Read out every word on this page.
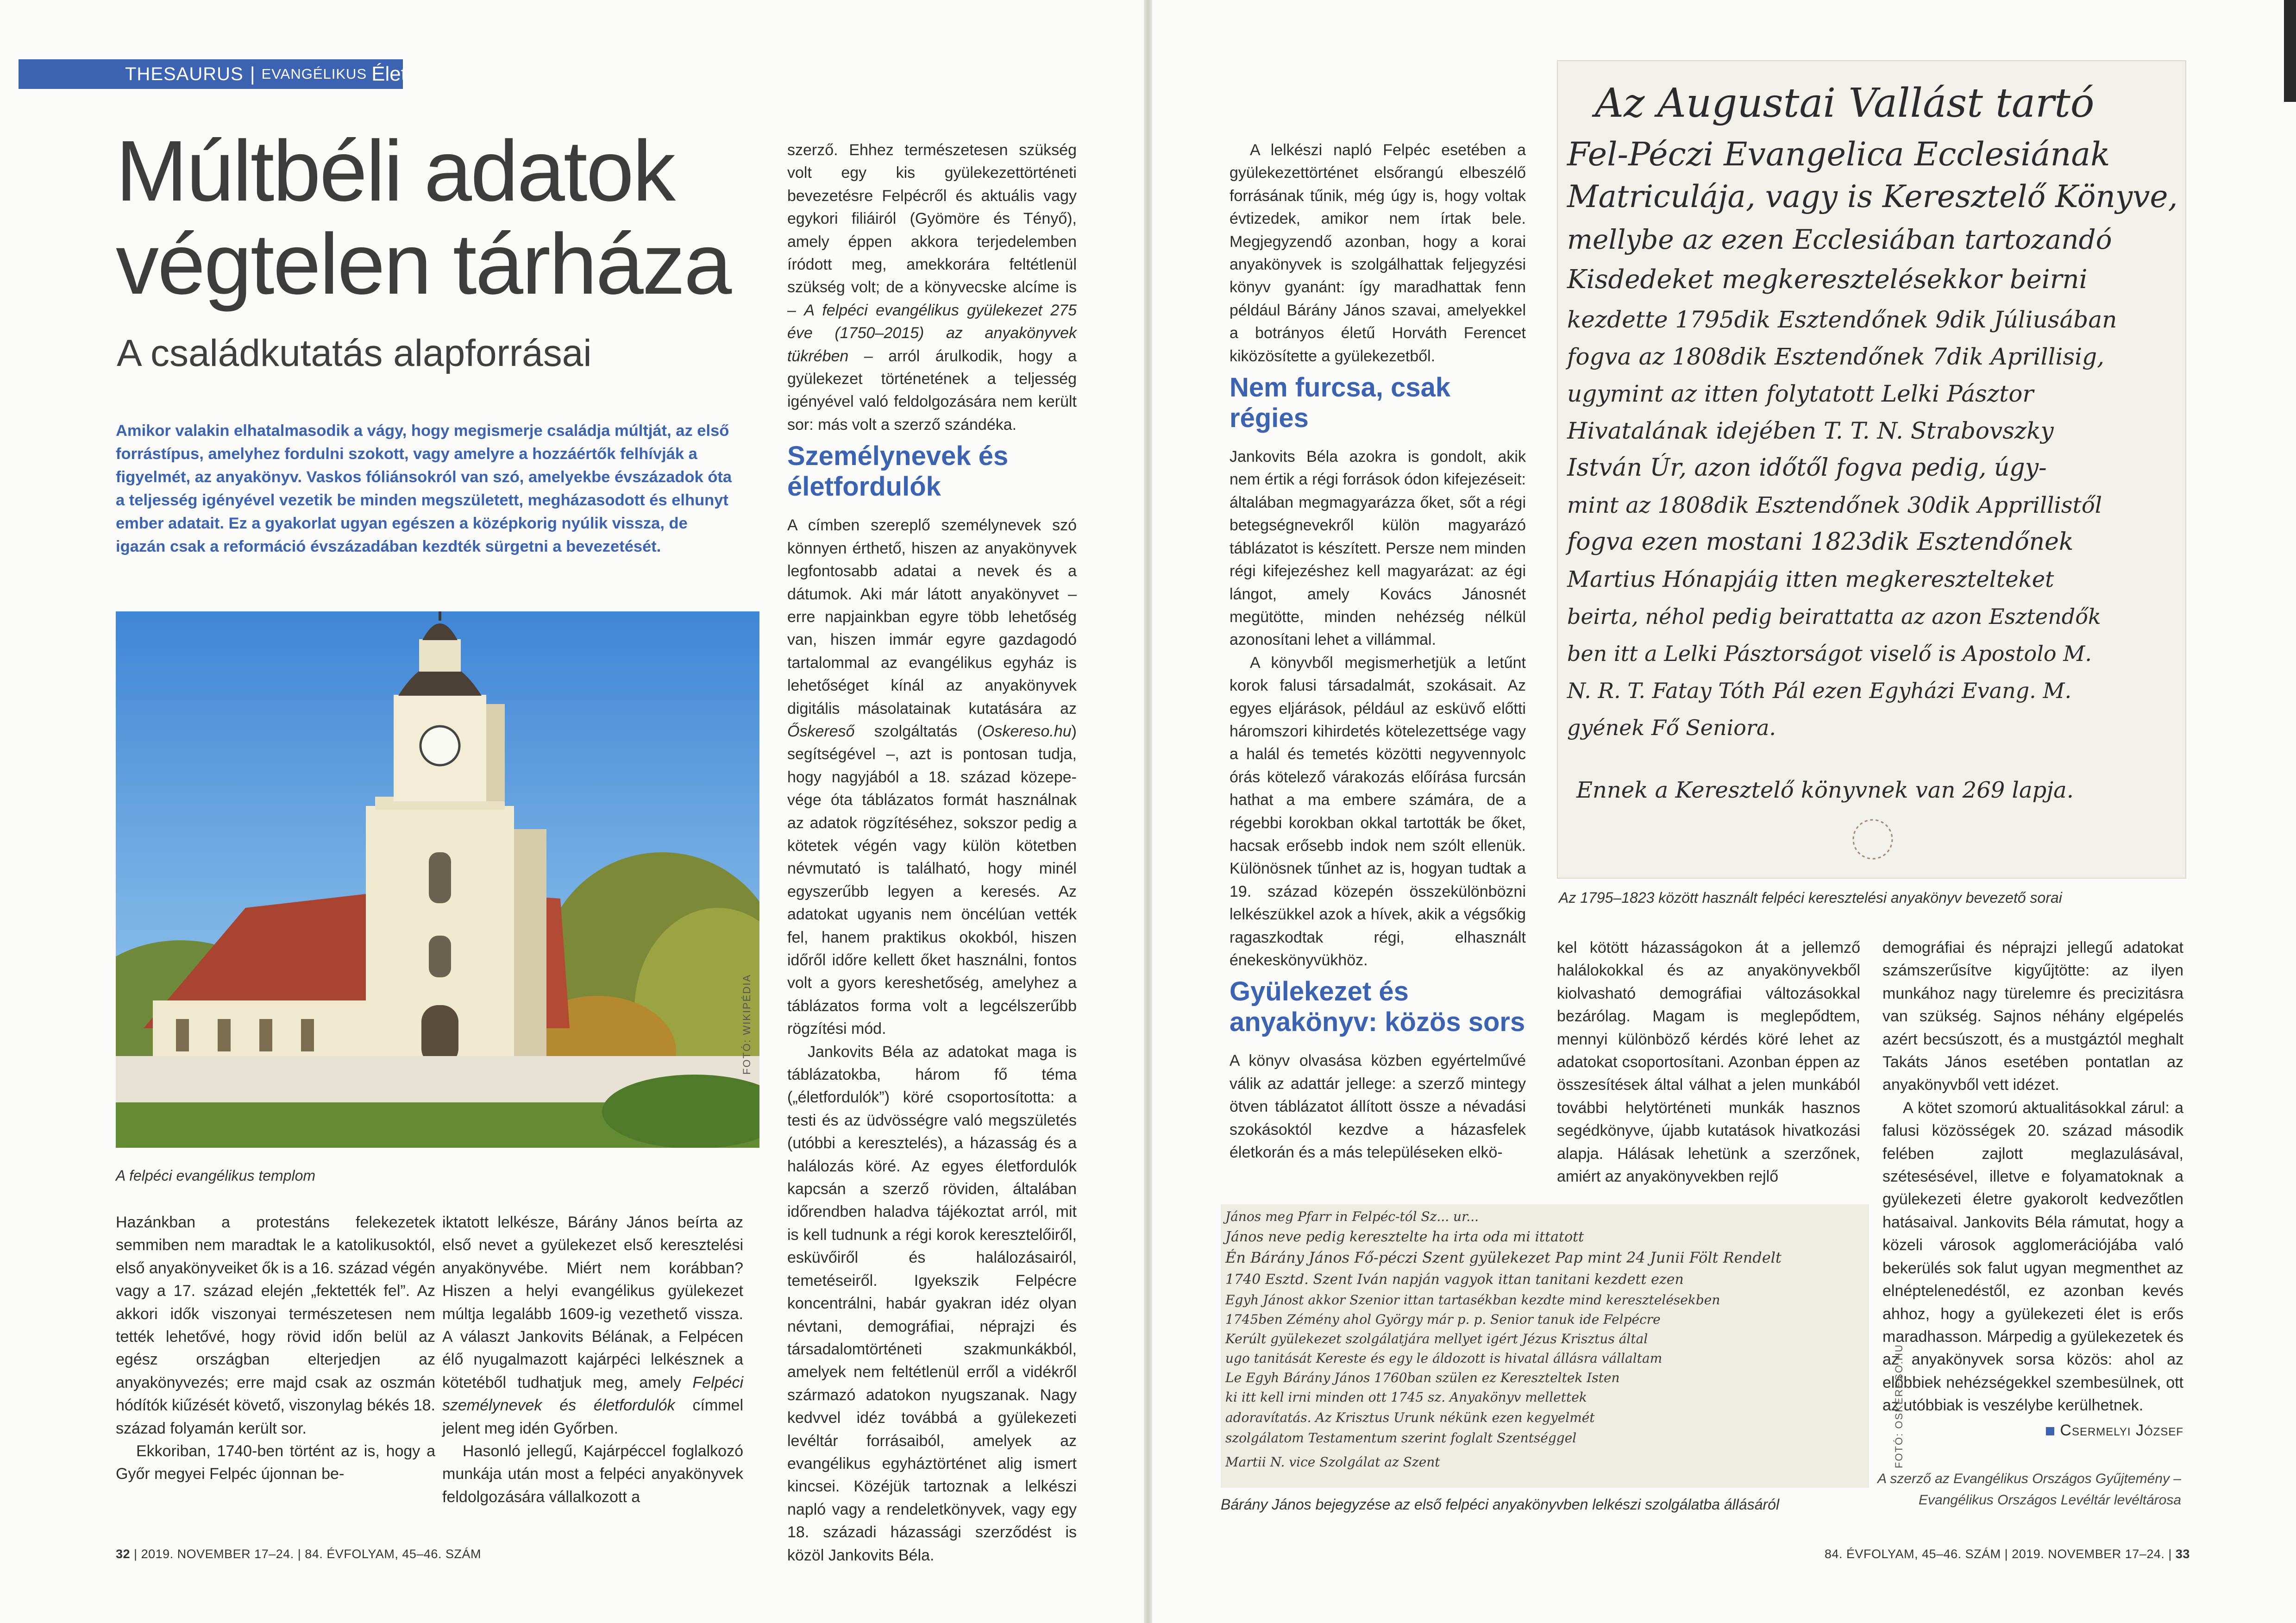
THESAURUS | EVANGÉLIKUS Élet
Múltbéli adatok
végtelen tárháza
A családkutatás alapforrásai

Amikor valakin elhatalmasodik a vágy, hogy megismerje családja múltját, az első forrástípus, amelyhez fordulni szokott, vagy amelyre a hozzáértők felhívják a figyelmét, az anyakönyv. Vaskos fóliánsokról van szó, amelyekbe évszázadok óta a teljesség igényével vezetik be minden megszületett, megházasodott és elhunyt ember adatait. Ez a gyakorlat ugyan egészen a középkorig nyúlik vissza, de igazán csak a reformáció évszázadában kezdték sürgetni a bevezetését.

FOTÓ: WIKIPÉDIA

A felpéci evangélikus templom

Hazánkban a protestáns felekezetek semmiben nem maradtak le a katolikusoktól, első anyakönyveiket ők is a 16. század végén vagy a 17. század elején „fektették fel”. Az akkori idők viszonyai természetesen nem tették lehetővé, hogy rövid időn belül az egész országban elterjedjen az anyakönyvezés; erre majd csak az oszmán hódítók kiűzését követő, viszonylag békés 18. század folyamán került sor.

Ekkoriban, 1740-ben történt az is, hogy a Győr megyei Felpéc újonnan be-

iktatott lelkésze, Bárány János beírta az első nevet a gyülekezet első keresztelési anyakönyvébe. Miért nem korábban? Hiszen a helyi evangélikus gyülekezet múltja legalább 1609-ig vezethető vissza. A választ Jankovits Bélának, a Felpécen élő nyugalmazott kajárpéci lelkésznek a kötetéből tudhatjuk meg, amely Felpéci személynevek és életfordulók címmel jelent meg idén Győrben.

Hasonló jellegű, Kajárpéccel foglalkozó munkája után most a felpéci anyakönyvek feldolgozására vállalkozott a

szerző. Ehhez természetesen szükség volt egy kis gyülekezettörténeti bevezetésre Felpécről és aktuális vagy egykori filiáiról (Gyömöre és Tényő), amely éppen akkora terjedelemben íródott meg, amekkorára feltétlenül szükség volt; de a könyvecske alcíme is – A felpéci evangélikus gyülekezet 275 éve (1750–2015) az anyakönyvek tükrében – arról árulkodik, hogy a gyülekezet történetének a teljesség igényével való feldolgozására nem került sor: más volt a szerző szándéka.

Személynevek és életfordulók

A címben szereplő személynevek szó könnyen érthető, hiszen az anyakönyvek legfontosabb adatai a nevek és a dátumok. Aki már látott anyakönyvet – erre napjainkban egyre több lehetőség van, hiszen immár egyre gazdagodó tartalommal az evangélikus egyház is lehetőséget kínál az anyakönyvek digitális másolatainak kutatására az Őskereső szolgáltatás (Oskereso.hu) segítségével –, azt is pontosan tudja, hogy nagyjából a 18. század közepe-vége óta táblázatos formát használnak az adatok rögzítéséhez, sokszor pedig a kötetek végén vagy külön kötetben névmutató is található, hogy minél egyszerűbb legyen a keresés. Az adatokat ugyanis nem öncélúan vették fel, hanem praktikus okokból, hiszen időről időre kellett őket használni, fontos volt a gyors kereshetőség, amelyhez a táblázatos forma volt a legcélszerűbb rögzítési mód.

Jankovits Béla az adatokat maga is táblázatokba, három fő téma („életfordulók”) köré csoportosította: a testi és az üdvösségre való megszületés (utóbbi a keresztelés), a házasság és a halálozás köré. Az egyes életfordulók kapcsán a szerző röviden, általában időrendben haladva tájékoztat arról, mit is kell tudnunk a régi korok keresztelőiről, esküvőiről és halálozásairól, temetéseiről. Igyekszik Felpécre koncentrálni, habár gyakran idéz olyan névtani, demográfiai, néprajzi és társadalomtörténeti szakmunkákból, amelyek nem feltétlenül erről a vidékről származó adatokon nyugszanak. Nagy kedvvel idéz továbbá a gyülekezeti levéltár forrásaiból, amelyek az evangélikus egyháztörténet alig ismert kincsei. Közéjük tartoznak a lelkészi napló vagy a rendeletkönyvek, vagy egy 18. századi házassági szerződést is közöl Jankovits Béla.

32 | 2019. NOVEMBER 17–24. | 84. ÉVFOLYAM, 45–46. SZÁM

A lelkészi napló Felpéc esetében a gyülekezettörténet elsőrangú elbeszélő forrásának tűnik, még úgy is, hogy voltak évtizedek, amikor nem írtak bele. Megjegyzendő azonban, hogy a korai anyakönyvek is szolgálhattak feljegyzési könyv gyanánt: így maradhattak fenn például Bárány János szavai, amelyekkel a botrányos életű Horváth Ferencet kiközösítette a gyülekezetből.

Nem furcsa, csak régies

Jankovits Béla azokra is gondolt, akik nem értik a régi források ódon kifejezéseit: általában megmagyarázza őket, sőt a régi betegségnevekről külön magyarázó táblázatot is készített. Persze nem minden régi kifejezéshez kell magyarázat: az égi lángot, amely Kovács Jánosnét megütötte, minden nehézség nélkül azonosítani lehet a villámmal.

A könyvből megismerhetjük a letűnt korok falusi társadalmát, szokásait. Az egyes eljárások, például az esküvő előtti háromszori kihirdetés kötelezettsége vagy a halál és temetés közötti negyvennyolc órás kötelező várakozás előírása furcsán hathat a ma embere számára, de a régebbi korokban okkal tartották be őket, hacsak erősebb indok nem szólt ellenük. Különösnek tűnhet az is, hogyan tudtak a 19. század közepén összekülönbözni lelkészükkel azok a hívek, akik a végsőkig ragaszkodtak régi, elhasznált énekeskönyvükhöz.

Gyülekezet és anyakönyv: közös sors

A könyv olvasása közben egyértelművé válik az adattár jellege: a szerző mintegy ötven táblázatot állított össze a névadási szokásoktól kezdve a házasfelek életkorán és a más településeken elkö-

Az Augustai Vallást tartó
Fel-Péczi Evangelica Ecclesiának
Matriculája, vagy is Keresztelő Könyve,
mellybe az ezen Ecclesiában tartozandó
Kisdedeket megkeresztelésekkor beirni
kezdette 1795dik Esztendőnek 9dik Júliusában
fogva az 1808dik Esztendőnek 7dik Aprillisig,
ugymint az itten folytatott Lelki Pásztor
Hivatalának idejében T. T. N. Strabovszky
István Úr, azon időtől fogva pedig, úgy-
mint az 1808dik Esztendőnek 30dik Apprillistől
fogva ezen mostani 1823dik Esztendőnek
Martius Hónapjáig itten megkeresztelteket
beirta, néhol pedig beirattatta az azon Esztendők
ben itt a Lelki Pásztorságot viselő is Apostolo M.
N. R. T. Fatay Tóth Pál ezen Egyházi Evang. M.
gyének Fő Seniora.
Ennek a Keresztelő könyvnek van 269 lapja.

Az 1795–1823 között használt felpéci keresztelési anyakönyv bevezető sorai

kel kötött házasságokon át a jellemző halálokokkal és az anyakönyvekből kiolvasható demográfiai változásokkal bezárólag. Magam is meglepődtem, mennyi különböző kérdés köré lehet az adatokat csoportosítani. Azonban éppen az összesítések által válhat a jelen munkából további helytörténeti munkák hasznos segédkönyve, újabb kutatások hivatkozási alapja. Hálásak lehetünk a szerzőnek, amiért az anyakönyvekben rejlő

demográfiai és néprajzi jellegű adatokat számszerűsítve kigyűjtötte: az ilyen munkához nagy türelemre és precizitásra van szükség. Sajnos néhány elgépelés azért becsúszott, és a mustgáztól meghalt Takáts János esetében pontatlan az anyakönyvből vett idézet.

A kötet szomorú aktualitásokkal zárul: a falusi közösségek 20. század második felében zajlott meglazulásával, szétesésével, illetve e folyamatoknak a gyülekezeti életre gyakorolt kedvezőtlen hatásaival. Jankovits Béla rámutat, hogy a közeli városok agglomerációjába való bekerülés sok falut ugyan megmenthet az elnéptelenedéstől, ez azonban kevés ahhoz, hogy a gyülekezeti élet is erős maradhasson. Márpedig a gyülekezetek és az anyakönyvek sorsa közös: ahol az előbbiek nehézségekkel szembesülnek, ott az utóbbiak is veszélybe kerülhetnek.

Csermelyi József
János meg Pfarr in Felpéc-tól Sz... ur...
János neve pedig keresztelte ha irta oda mi ittatott
Én Bárány János Fő-péczi Szent gyülekezet Pap mint 24 Junii Fölt Rendelt
1740 Esztd. Szent Iván napján vagyok ittan tanitani kezdett ezen
Egyh Jánost akkor Szenior ittan tartasékban kezdte mind keresztelésekben
1745ben Zémény ahol György már p. p. Senior tanuk ide Felpécre
Kerúlt gyülekezet szolgálatjára mellyet igért Jézus Krisztus által
ugo tanitását Kereste és egy le áldozott is hivatal állásra vállaltam
Le Egyh Bárány János 1760ban szülen ez Kereszteltek Isten
ki itt kell irni minden ott 1745 sz. Anyakönyv mellettek
adoravítatás. Az Krisztus Urunk nékünk ezen kegyelmét
szolgálatom Testamentum szerint foglalt Szentséggel
Martii N. vice Szolgálat az Szent	FOTÓ: OSKERESO.HU

Bárány János bejegyzése az első felpéci anyakönyvben lelkészi szolgálatba állásáról

A szerző az Evangélikus Országos Gyűjtemény – Evangélikus Országos Levéltár levéltárosa

84. ÉVFOLYAM, 45–46. SZÁM | 2019. NOVEMBER 17–24. | 33
